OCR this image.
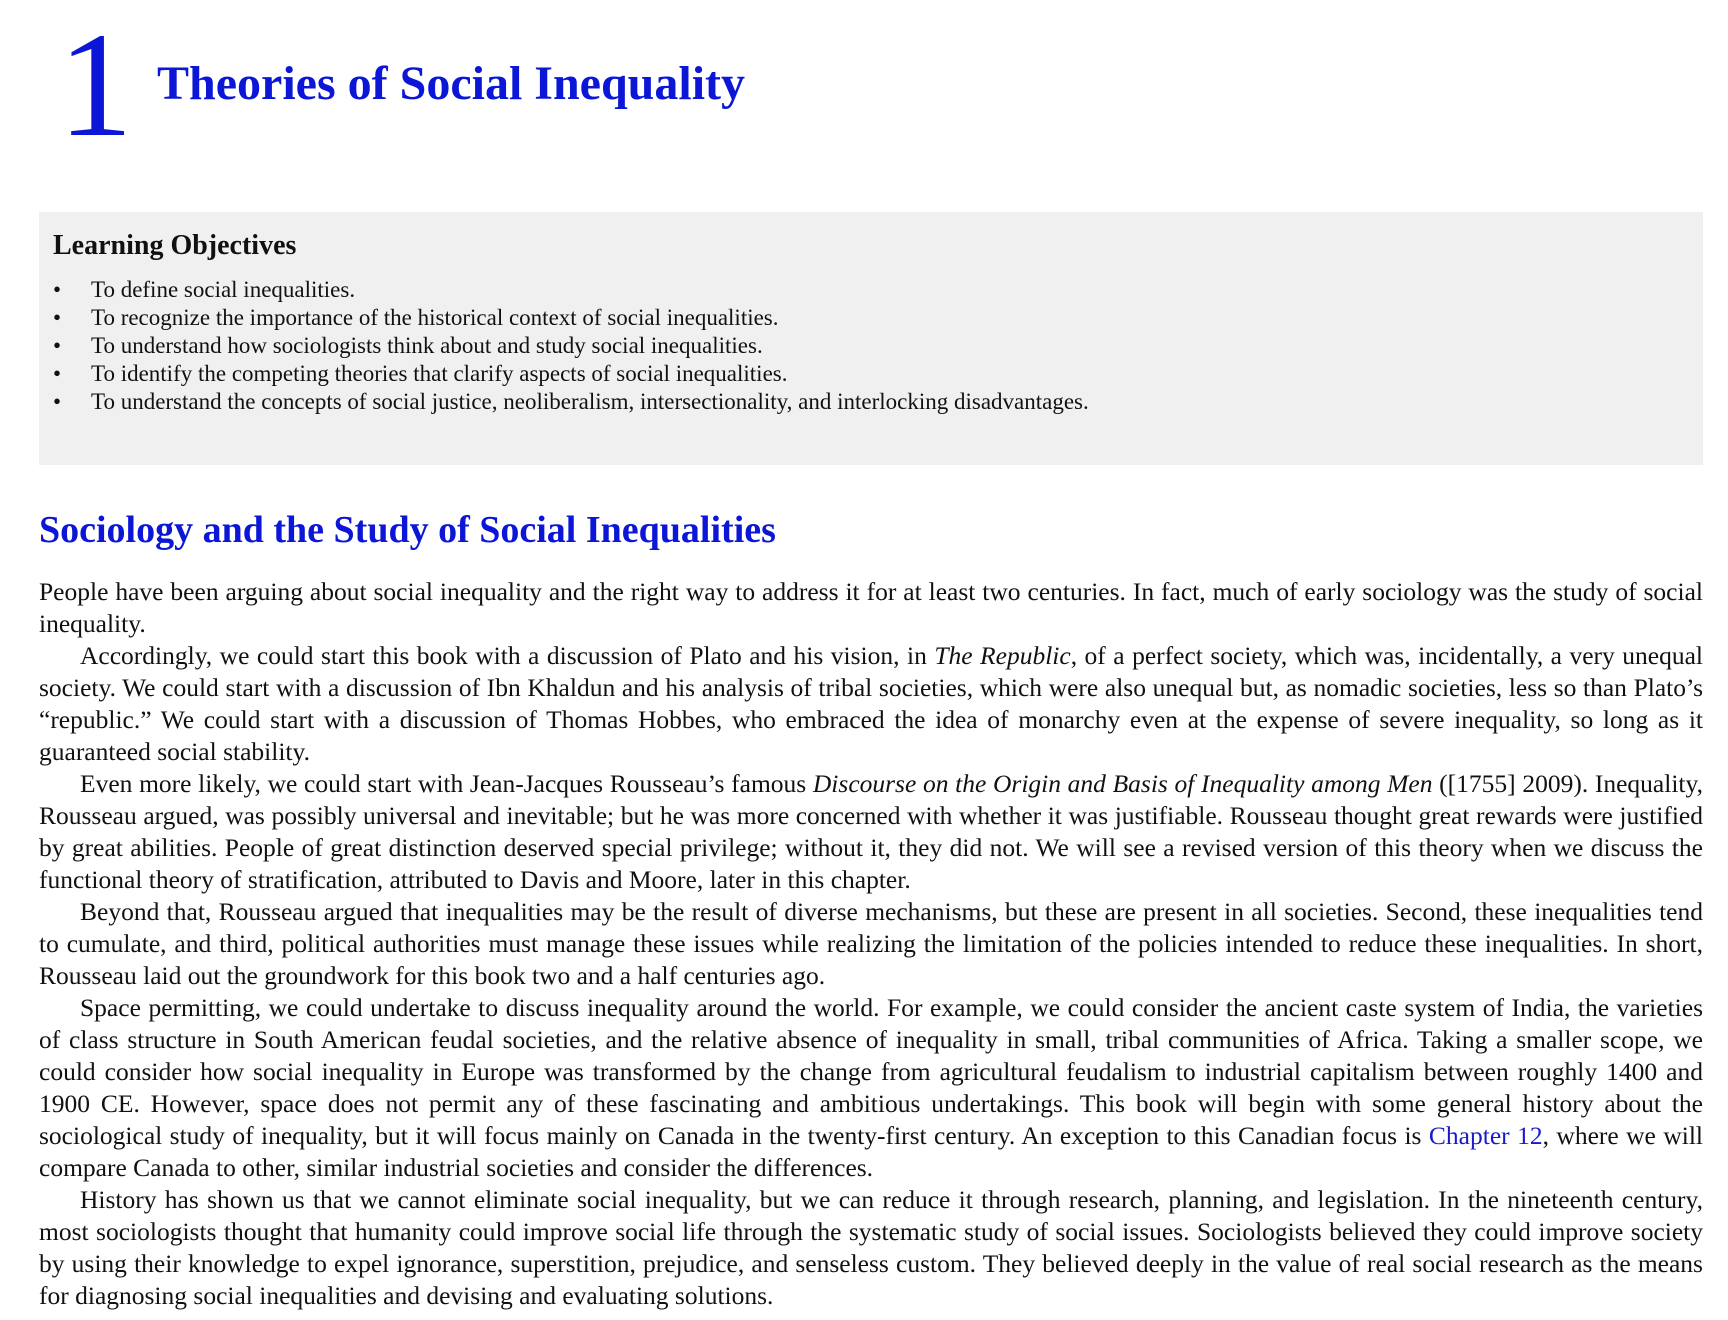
1 Theories of Social Inequality
Learning Objectives
• To define social inequalities.
• To recognize the importance of the historical context of social inequalities.
• To understand how sociologists think about and study social inequalities.
• To identify the competing theories that clarify aspects of social inequalities.
• To understand the concepts of social justice, neoliberalism, intersectionality, and interlocking disadvantages.
Sociology and the Study of Social Inequalities

People have been arguing about social inequality and the right way to address it for at least two centuries. In fact, much of early sociology was the study of social inequality.

Accordingly, we could start this book with a discussion of Plato and his vision, in The Republic, of a perfect society, which was, incidentally, a very unequal society. We could start with a discussion of Ibn Khaldun and his analysis of tribal societies, which were also unequal but, as nomadic societies, less so than Plato’s “republic.” We could start with a discussion of Thomas Hobbes, who embraced the idea of monarchy even at the expense of severe inequality, so long as it guaranteed social stability.

Even more likely, we could start with Jean-Jacques Rousseau’s famous Discourse on the Origin and Basis of Inequality among Men ([1755] 2009). Inequality, Rousseau argued, was possibly universal and inevitable; but he was more concerned with whether it was justifiable. Rousseau thought great rewards were justified by great abilities. People of great distinction deserved special privilege; without it, they did not. We will see a revised version of this theory when we discuss the functional theory of stratification, attributed to Davis and Moore, later in this chapter.

Beyond that, Rousseau argued that inequalities may be the result of diverse mechanisms, but these are present in all societies. Second, these inequalities tend to cumulate, and third, political authorities must manage these issues while realizing the limitation of the policies intended to reduce these inequalities. In short, Rousseau laid out the groundwork for this book two and a half centuries ago.

Space permitting, we could undertake to discuss inequality around the world. For example, we could consider the ancient caste system of India, the varieties of class structure in South American feudal societies, and the relative absence of inequality in small, tribal communities of Africa. Taking a smaller scope, we could consider how social inequality in Europe was transformed by the change from agricultural feudalism to industrial capitalism between roughly 1400 and 1900 CE. However, space does not permit any of these fascinating and ambitious undertakings. This book will begin with some general history about the sociological study of inequality, but it will focus mainly on Canada in the twenty-first century. An exception to this Canadian focus is Chapter 12, where we will compare Canada to other, similar industrial societies and consider the differences.

History has shown us that we cannot eliminate social inequality, but we can reduce it through research, planning, and legislation. In the nineteenth century, most sociologists thought that humanity could improve social life through the systematic study of social issues. Sociologists believed they could improve society by using their knowledge to expel ignorance, superstition, prejudice, and senseless custom. They believed deeply in the value of real social research as the means for diagnosing social inequalities and devising and evaluating solutions.
